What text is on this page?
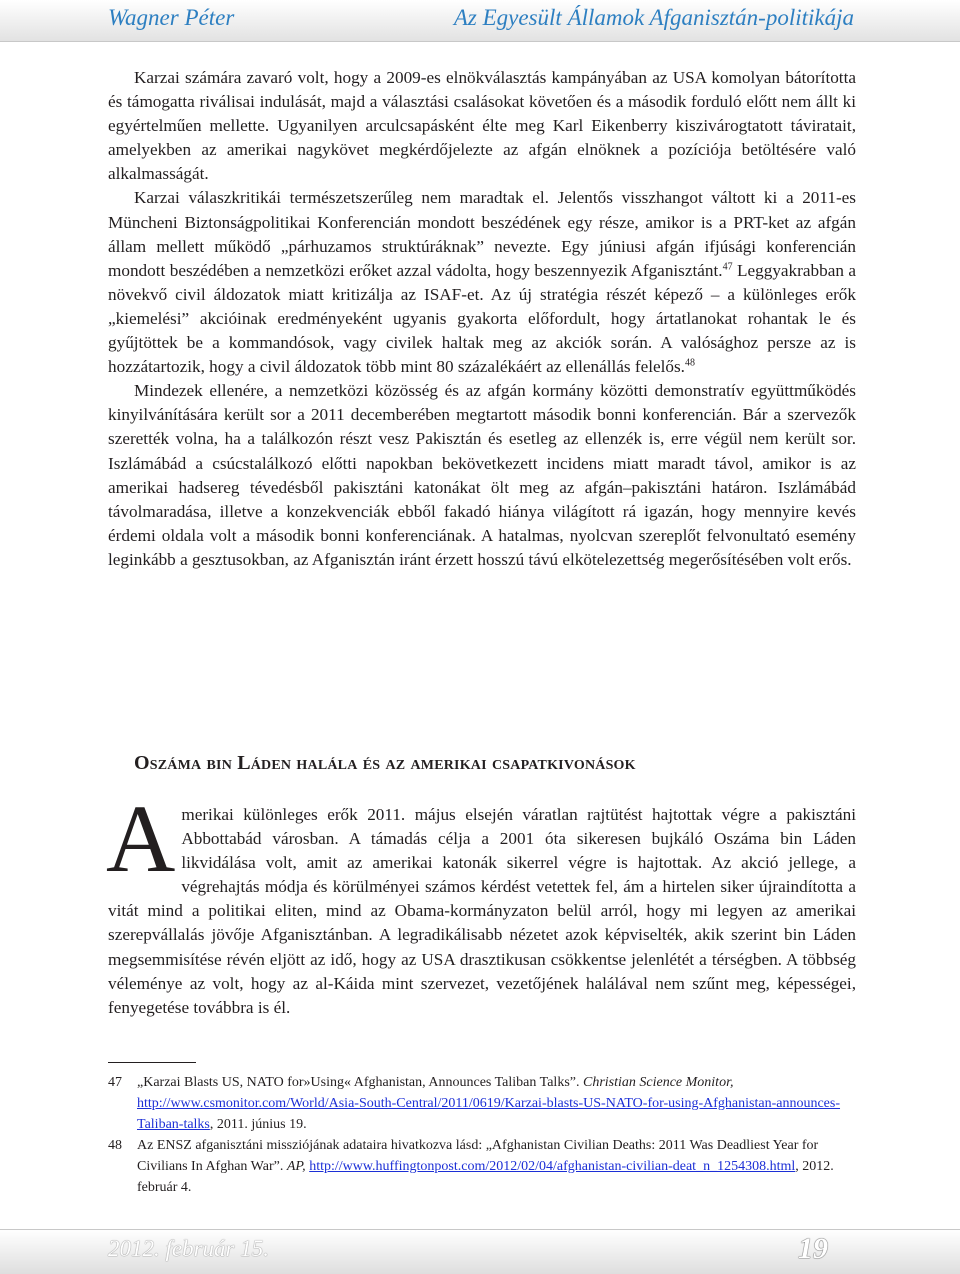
Wagner Péter	Az Egyesült Államok Afganisztán-politikája

Karzai számára zavaró volt, hogy a 2009-es elnökválasztás kampányában az USA komolyan bátorította és támogatta riválisai indulását, majd a választási csalásokat követően és a második forduló előtt nem állt ki egyértelműen mellette. Ugyanilyen arculcsapásként élte meg Karl Eikenberry kiszivárogtatott táviratait, amelyekben az amerikai nagykövet megkérdőjelezte az afgán elnöknek a pozíciója betöltésére való alkalmasságát.

Karzai válaszkritikái természetszerűleg nem maradtak el. Jelentős visszhangot váltott ki a 2011-es Müncheni Biztonságpolitikai Konferencián mondott beszédének egy része, amikor is a PRT-ket az afgán állam mellett működő „párhuzamos struktúráknak” nevezte. Egy júniusi afgán ifjúsági konferencián mondott beszédében a nemzetközi erőket azzal vádolta, hogy beszennyezik Afganisztánt.$^{47}$ Leggyakrabban a növekvő civil áldozatok miatt kritizálja az ISAF-et. Az új stratégia részét képező – a különleges erők „kiemelési” akcióinak eredményeként ugyanis gyakorta előfordult, hogy ártatlanokat rohantak le és gyűjtöttek be a kommandósok, vagy civilek haltak meg az akciók során. A valósághoz persze az is hozzátartozik, hogy a civil áldozatok több mint 80 százalékáért az ellenállás felelős.$^{48}$

Mindezek ellenére, a nemzetközi közösség és az afgán kormány közötti demonstratív együttműködés kinyilvánítására került sor a 2011 decemberében megtartott második bonni konferencián. Bár a szervezők szerették volna, ha a találkozón részt vesz Pakisztán és esetleg az ellenzék is, erre végül nem került sor. Iszlámábád a csúcstalálkozó előtti napokban bekövetkezett incidens miatt maradt távol, amikor is az amerikai hadsereg tévedésből pakisztáni katonákat ölt meg az afgán–pakisztáni határon. Iszlámábád távolmaradása, illetve a konzekvenciák ebből fakadó hiánya világított rá igazán, hogy mennyire kevés érdemi oldala volt a második bonni konferenciának. A hatalmas, nyolcvan szereplőt felvonultató esemény leginkább a gesztusokban, az Afganisztán iránt érzett hosszú távú elkötelezettség megerősítésében volt erős.

Oszáma bin Láden halála és az amerikai csapatkivonások
A merikai különleges erők 2011. május elsején váratlan rajtütést hajtottak végre a pakisztáni Abbottabád városban. A támadás célja a 2001 óta sikeresen bujkáló Oszáma bin Láden likvidálása volt, amit az amerikai katonák sikerrel végre is hajtottak. Az akció jellege, a végrehajtás módja és körülményei számos kérdést vetettek fel, ám a hirtelen siker újraindította a vitát mind a politikai eliten, mind az Obama-kormányzaton belül arról, hogy mi legyen az amerikai szerepvállalás jövője Afganisztánban. A legradikálisabb nézetet azok képviselték, akik szerint bin Láden megsemmisítése révén eljött az idő, hogy az USA drasztikusan csökkentse jelenlétét a térségben. A többség véleménye az volt, hogy az al-Káida mint szervezet, vezetőjének halálával nem szűnt meg, képességei, fenyegetése továbbra is él.

47 „Karzai Blasts US, NATO for»Using« Afghanistan, Announces Taliban Talks”. Christian Science Monitor, http://www.csmonitor.com/World/Asia-South-Central/2011/0619/Karzai-blasts-US-NATO-for-using-Afghanistan-announces-Taliban-talks, 2011. június 19.
48 Az ENSZ afganisztáni missziójának adataira hivatkozva lásd: „Afghanistan Civilian Deaths: 2011 Was Deadliest Year for Civilians In Afghan War”. AP, http://www.huffingtonpost.com/2012/02/04/afghanistan-civilian-deat_n_1254308.html, 2012. február 4.
2012. február 15.	19
